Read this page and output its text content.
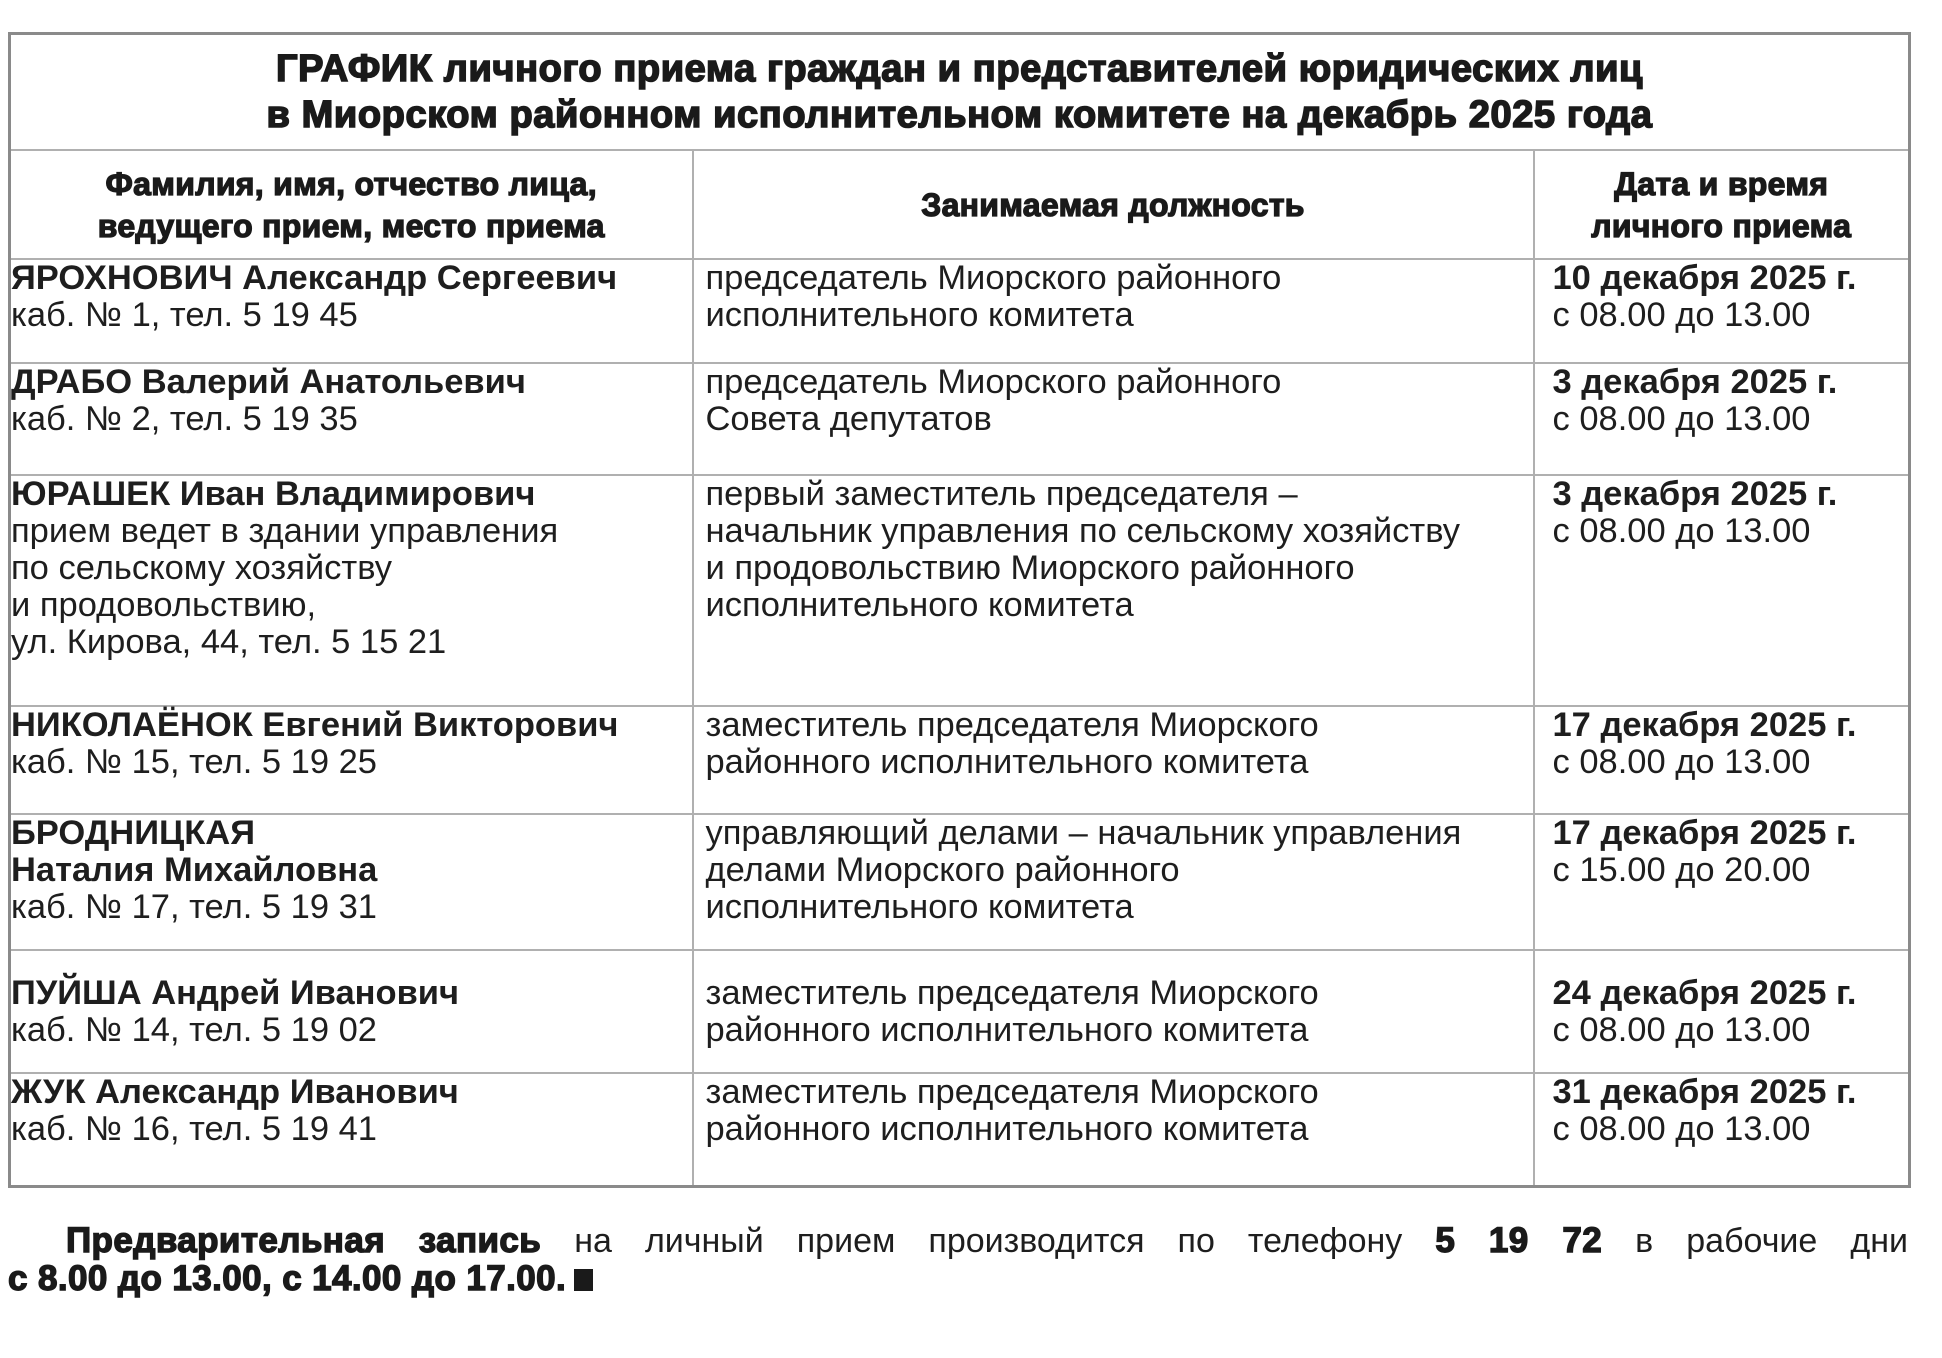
ГРАФИК личного приема граждан и представителей юридических лиц
в Миорском районном исполнительном комитете на декабрь 2025 года		

Фамилия, имя, отчество лица,
ведущего прием, место приема

Занимаемая должность

Дата и время
личного приема

ЯРОХНОВИЧ Александр Сергеевич
каб. № 1, тел. 5 19 45	председатель Миорского районного
исполнительного комитета	10 декабря 2025 г.
с 08.00 до 13.00

ДРАБО Валерий Анатольевич
каб. № 2, тел. 5 19 35	председатель Миорского районного
Совета депутатов	3 декабря 2025 г.
с 08.00 до 13.00

ЮРАШЕК Иван Владимирович
прием ведет в здании управления
по сельскому хозяйству
и продовольствию,
ул. Кирова, 44, тел. 5 15 21	первый заместитель председателя –
начальник управления по сельскому хозяйству
и продовольствию Миорского районного
исполнительного комитета	3 декабря 2025 г.
с 08.00 до 13.00

НИКОЛАЁНОК Евгений Викторович
каб. № 15, тел. 5 19 25	заместитель председателя Миорского
районного исполнительного комитета	17 декабря 2025 г.
с 08.00 до 13.00

БРОДНИЦКАЯ
Наталия Михайловна
каб. № 17, тел. 5 19 31	управляющий делами – начальник управления
делами Миорского районного
исполнительного комитета	17 декабря 2025 г.
с 15.00 до 20.00

ПУЙША Андрей Иванович
каб. № 14, тел. 5 19 02	заместитель председателя Миорского
районного исполнительного комитета	24 декабря 2025 г.
с 08.00 до 13.00

ЖУК Александр Иванович
каб. № 16, тел. 5 19 41	заместитель председателя Миорского
районного исполнительного комитета	31 декабря 2025 г.
с 08.00 до 13.00
Предварительная запись на личный прием производится по телефону 5 19 72 в рабочие дни
с 8.00 до 13.00, с 14.00 до 17.00.
